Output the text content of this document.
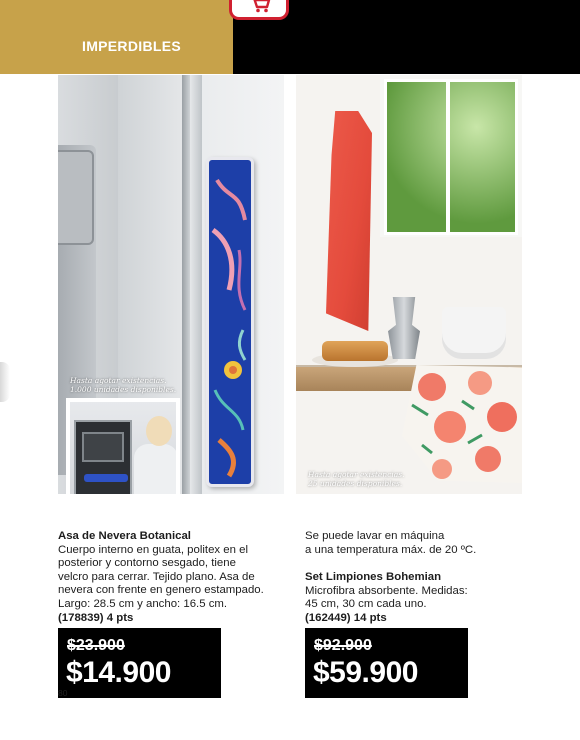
IMPERDIBLES
Hasta agotar existencias.
1.000 unidades disponibles.
Hasta agotar existencias.
25 unidades disponibles.
Asa de Nevera Botanical
Cuerpo interno en guata, politex en el
posterior y contorno sesgado, tiene
velcro para cerrar. Tejido plano. Asa de
nevera con frente en genero estampado.
Largo: 28.5 cm y ancho: 16.5 cm.
(178839) 4 pts
$23.900
$14.900
80
Se puede lavar en máquina
a una temperatura máx. de 20 ºC.
Set Limpiones Bohemian
Microfibra absorbente. Medidas:
45 cm, 30 cm cada uno.
(162449) 14 pts
$92.900
$59.900
